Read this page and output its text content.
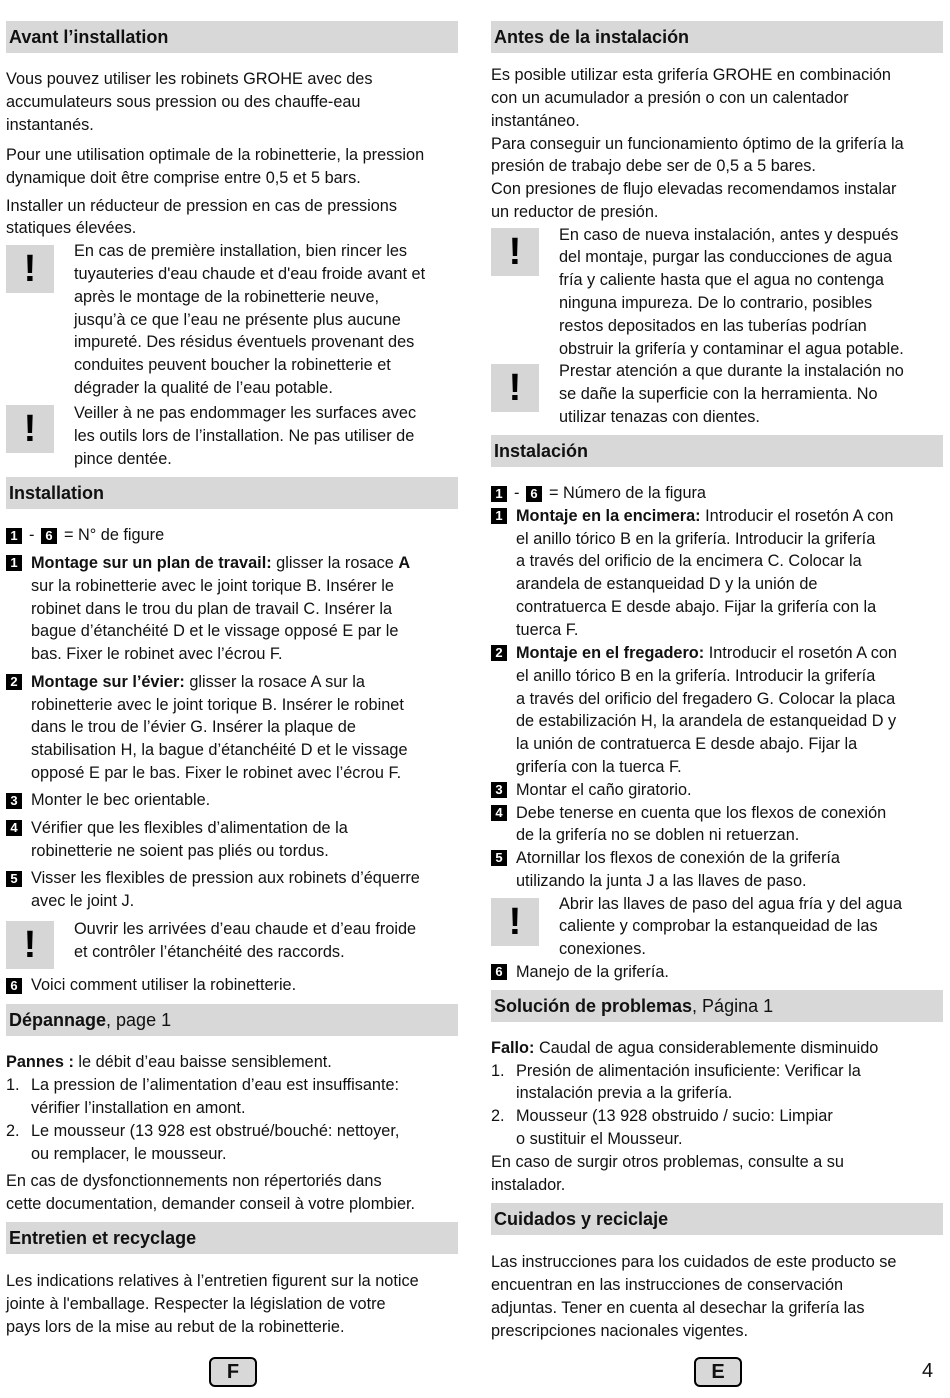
Avant l’installation
Vous pouvez utiliser les robinets GROHE avec des
accumulateurs sous pression ou des chauffe-eau
instantanés.
Pour une utilisation optimale de la robinetterie, la pression
dynamique doit être comprise entre 0,5 et 5 bars.
Installer un réducteur de pression en cas de pressions
statiques élevées.
!	En cas de première installation, bien rincer les
tuyauteries d'eau chaude et d'eau froide avant et
après le montage de la robinetterie neuve,
jusqu’à ce que l’eau ne présente plus aucune
impureté. Des résidus éventuels provenant des
conduites peuvent boucher la robinetterie et
dégrader la qualité de l’eau potable.
!	Veiller à ne pas endommager les surfaces avec
les outils lors de l’installation. Ne pas utiliser de
pince dentée.
Installation
1 - 6 = N° de figure
1 Montage sur un plan de travail: glisser la rosace A
sur la robinetterie avec le joint torique B. Insérer le
robinet dans le trou du plan de travail C. Insérer la
bague d’étanchéité D et le vissage opposé E par le
bas. Fixer le robinet avec l’écrou F.
2 Montage sur l’évier: glisser la rosace A sur la
robinetterie avec le joint torique B. Insérer le robinet
dans le trou de l’évier G. Insérer la plaque de
stabilisation H, la bague d’étanchéité D et le vissage
opposé E par le bas. Fixer le robinet avec l’écrou F.
3 Monter le bec orientable.
4 Vérifier que les flexibles d’alimentation de la
robinetterie ne soient pas pliés ou tordus.
5 Visser les flexibles de pression aux robinets d’équerre
avec le joint J.
!	Ouvrir les arrivées d’eau chaude et d’eau froide
et contrôler l’étanchéité des raccords.
6 Voici comment utiliser la robinetterie.
Dépannage, page 1
Pannes : le débit d’eau baisse sensiblement.
1. La pression de l’alimentation d’eau est insuffisante:
vérifier l’installation en amont.
2. Le mousseur (13 928 est obstrué/bouché: nettoyer,
ou remplacer, le mousseur.
En cas de dysfonctionnements non répertoriés dans
cette documentation, demander conseil à votre plombier.
Entretien et recyclage
Les indications relatives à l’entretien figurent sur la notice
jointe à l'emballage. Respecter la législation de votre
pays lors de la mise au rebut de la robinetterie.
Antes de la instalación
Es posible utilizar esta grifería GROHE en combinación
con un acumulador a presión o con un calentador
instantáneo.
Para conseguir un funcionamiento óptimo de la grifería la
presión de trabajo debe ser de 0,5 a 5 bares.
Con presiones de flujo elevadas recomendamos instalar
un reductor de presión.
!	En caso de nueva instalación, antes y después
del montaje, purgar las conducciones de agua
fría y caliente hasta que el agua no contenga
ninguna impureza. De lo contrario, posibles
restos depositados en las tuberías podrían
obstruir la grifería y contaminar el agua potable.
!	Prestar atención a que durante la instalación no
se dañe la superficie con la herramienta. No
utilizar tenazas con dientes.
Instalación
1 - 6 = Número de la figura
1 Montaje en la encimera: Introducir el rosetón A con
el anillo tórico B en la grifería. Introducir la grifería
a través del orificio de la encimera C. Colocar la
arandela de estanqueidad D y la unión de
contratuerca E desde abajo. Fijar la grifería con la
tuerca F.
2 Montaje en el fregadero: Introducir el rosetón A con
el anillo tórico B en la grifería. Introducir la grifería
a través del orificio del fregadero G. Colocar la placa
de estabilización H, la arandela de estanqueidad D y
la unión de contratuerca E desde abajo. Fijar la
grifería con la tuerca F.
3 Montar el caño giratorio.
4 Debe tenerse en cuenta que los flexos de conexión
de la grifería no se doblen ni retuerzan.
5 Atornillar los flexos de conexión de la grifería
utilizando la junta J a las llaves de paso.
!	Abrir las llaves de paso del agua fría y del agua
caliente y comprobar la estanqueidad de las
conexiones.
6 Manejo de la grifería.
Solución de problemas, Página 1
Fallo: Caudal de agua considerablemente disminuido
1. Presión de alimentación insuficiente: Verificar la
instalación previa a la grifería.
2. Mousseur (13 928 obstruido / sucio: Limpiar
o sustituir el Mousseur.
En caso de surgir otros problemas, consulte a su
instalador.
Cuidados y reciclaje
Las instrucciones para los cuidados de este producto se
encuentran en las instrucciones de conservación
adjuntas. Tener en cuenta al desechar la grifería las
prescripciones nacionales vigentes.
F	E	4
